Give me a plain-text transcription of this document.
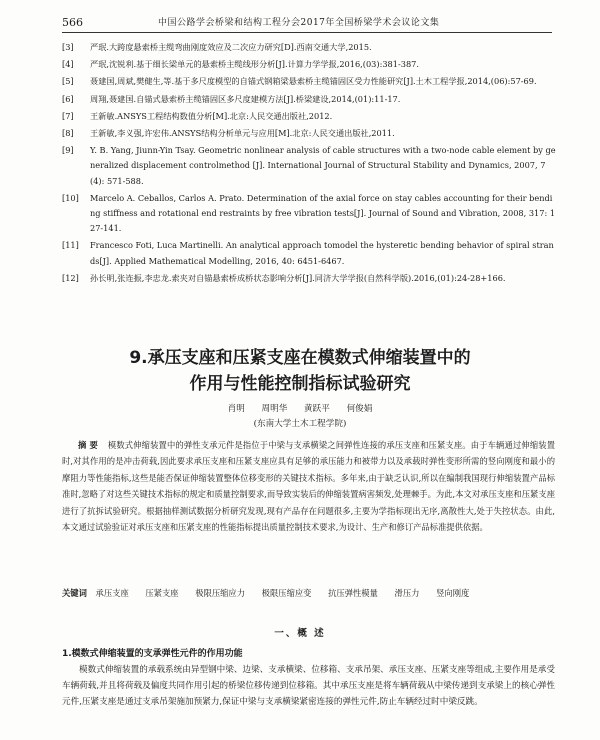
566	中国公路学会桥梁和结构工程分会2017年全国桥梁学术会议论文集
[3]	严珉.大跨度悬索桥主缆弯曲刚度效应及二次应力研究[D].西南交通大学,2015.
[4]	严珉,沈锐利.基于细长梁单元的悬索桥主缆线形分析[J].计算力学学报,2016,(03):381-387.
[5]	聂建国,周斌,樊健生,等.基于多尺度模型的自锚式钢箱梁悬索桥主缆锚固区受力性能研究[J].土木工程学报,2014,(06):57-69.
[6]	周翔,聂建国.自锚式悬索桥主缆锚固区多尺度建模方法[J].桥梁建设,2014,(01):11-17.
[7]	王新敏.ANSYS工程结构数值分析[M].北京:人民交通出版社,2012.
[8]	王新敏,李义强,许宏伟.ANSYS结构分析单元与应用[M].北京:人民交通出版社,2011.
[9]	Y. B. Yang, Jiunn-Yin Tsay. Geometric nonlinear analysis of cable structures with a two-node cable element by generalized displacement controlmethod [J]. International Journal of Structural Stability and Dynamics, 2007, 7(4): 571-588.
[10]	Marcelo A. Ceballos, Carlos A. Prato. Determination of the axial force on stay cables accounting for their bending stiffness and rotational end restraints by free vibration tests[J]. Journal of Sound and Vibration, 2008, 317: 127-141.
[11]	Francesco Foti, Luca Martinelli. An analytical approach tomodel the hysteretic bending behavior of spiral strands[J]. Applied Mathematical Modelling, 2016, 40: 6451-6467.
[12]	孙长明,张连振,李忠龙.索夹对自锚悬索桥成桥状态影响分析[J].同济大学学报(自然科学版).2016,(01):24-28+166.
9.承压支座和压紧支座在模数式伸缩装置中的
作用与性能控制指标试验研究
肖明 周明华 黄跃平 何俊娟
(东南大学土木工程学院)
摘 要 模数式伸缩装置中的弹性支承元件是指位于中梁与支承横梁之间弹性连接的承压支座和压紧支座。由于车辆通过伸缩装置时,对其作用的是冲击荷载,因此要求承压支座和压紧支座应具有足够的承压能力和被带力以及承载时弹性变形所需的竖向刚度和最小的摩阻力等性能指标,这些是能否保证伸缩装置整体位移变形的关键技术指标。多年来,由于缺乏认识,所以在编制我国现行伸缩装置产品标准时,忽略了对这些关键技术指标的规定和质量控制要求,而导致实装后的伸缩装置病害频发,处理棘手。为此,本文对承压支座和压紧支座进行了抗拆试验研究。根据抽样测试数据分析研究发现,现有产品存在问题很多,主要为学指标现出无序,离散性大,处于失控状态。由此,本文通过试验验证对承压支座和压紧支座的性能指标提出质量控制技术要求,为设计、生产和修订产品标准提供依据。
关键词 承压支座 压紧支座 极限压缩应力 极限压缩应变 抗压弹性模量 滑压力 竖向刚度
一、概 述
1.模数式伸缩装置的支承弹性元件的作用功能
模数式伸缩装置的承载系统由异型钢中梁、边梁、支承横梁、位移箱、支承吊架、承压支座、压紧支座等组成,主要作用是承受车辆荷载,并且将荷载及偏度共同作用引起的桥梁位移传递到位移箱。其中承压支座是将车辆荷载从中梁传递到支承梁上的核心弹性元件,压紧支座是通过支承吊架施加预紧力,保证中梁与支承横梁紧密连接的弹性元件,防止车辆经过时中梁反跳。
